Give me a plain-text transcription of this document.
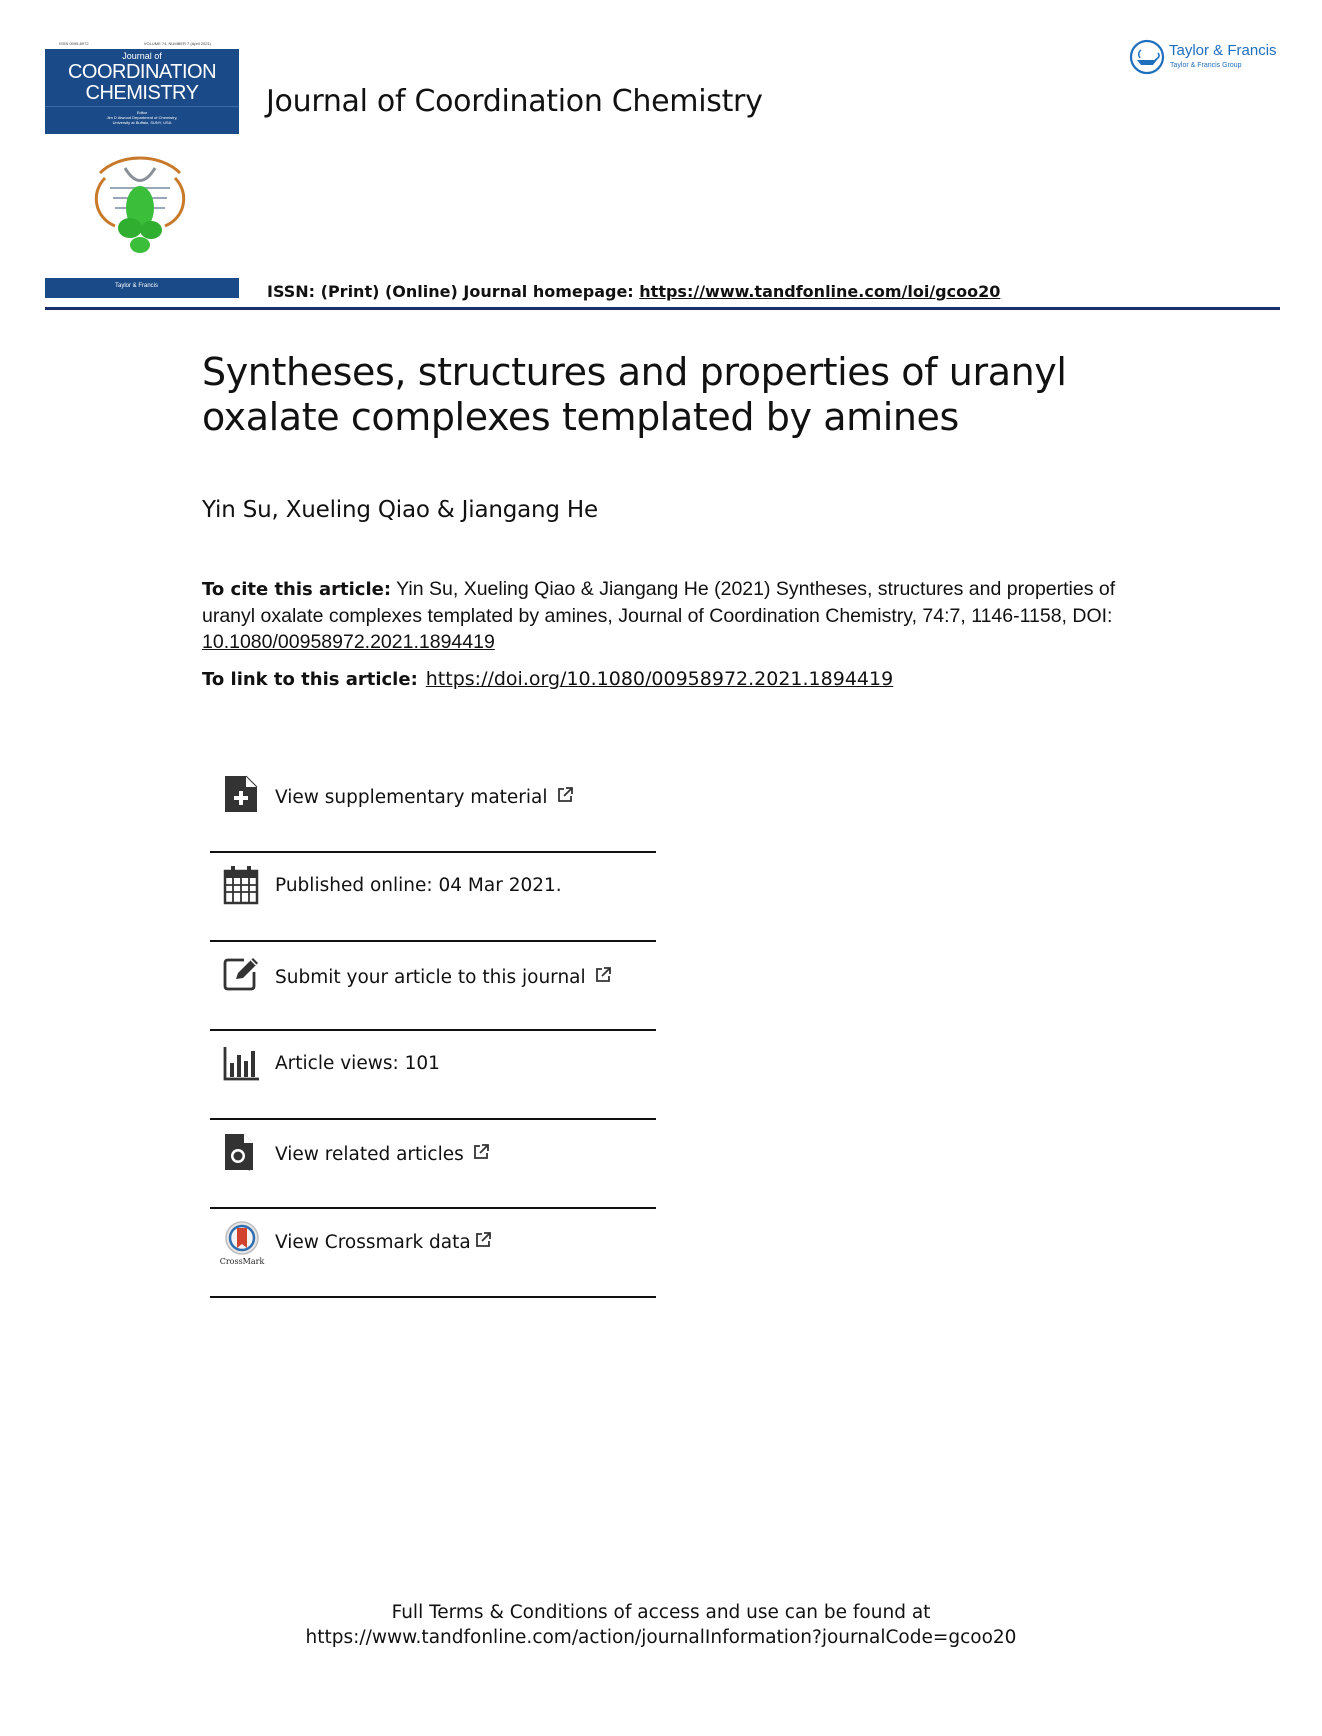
ISSN 0095-8972	VOLUME 74, NUMBER 7 (April 2021)
Journal of
COORDINATION
CHEMISTRY
Editor
Jim D Atwood Department of Chemistry,
University at Buffalo, SUNY, USA
Taylor & Francis
Journal of Coordination Chemistry
ISSN: (Print) (Online) Journal homepage: https://www.tandfonline.com/loi/gcoo20
Taylor & Francis
Taylor & Francis Group
Syntheses, structures and properties of uranyl oxalate complexes templated by amines
Yin Su, Xueling Qiao & Jiangang He
To cite this article: Yin Su, Xueling Qiao & Jiangang He (2021) Syntheses, structures and properties of uranyl oxalate complexes templated by amines, Journal of Coordination Chemistry, 74:7, 1146-1158, DOI: 10.1080/00958972.2021.1894419
To link to this article: https://doi.org/10.1080/00958972.2021.1894419
View supplementary material
Published online: 04 Mar 2021.
Submit your article to this journal
Article views: 101
View related articles
CrossMark
View Crossmark data
Full Terms & Conditions of access and use can be found at
https://www.tandfonline.com/action/journalInformation?journalCode=gcoo20
